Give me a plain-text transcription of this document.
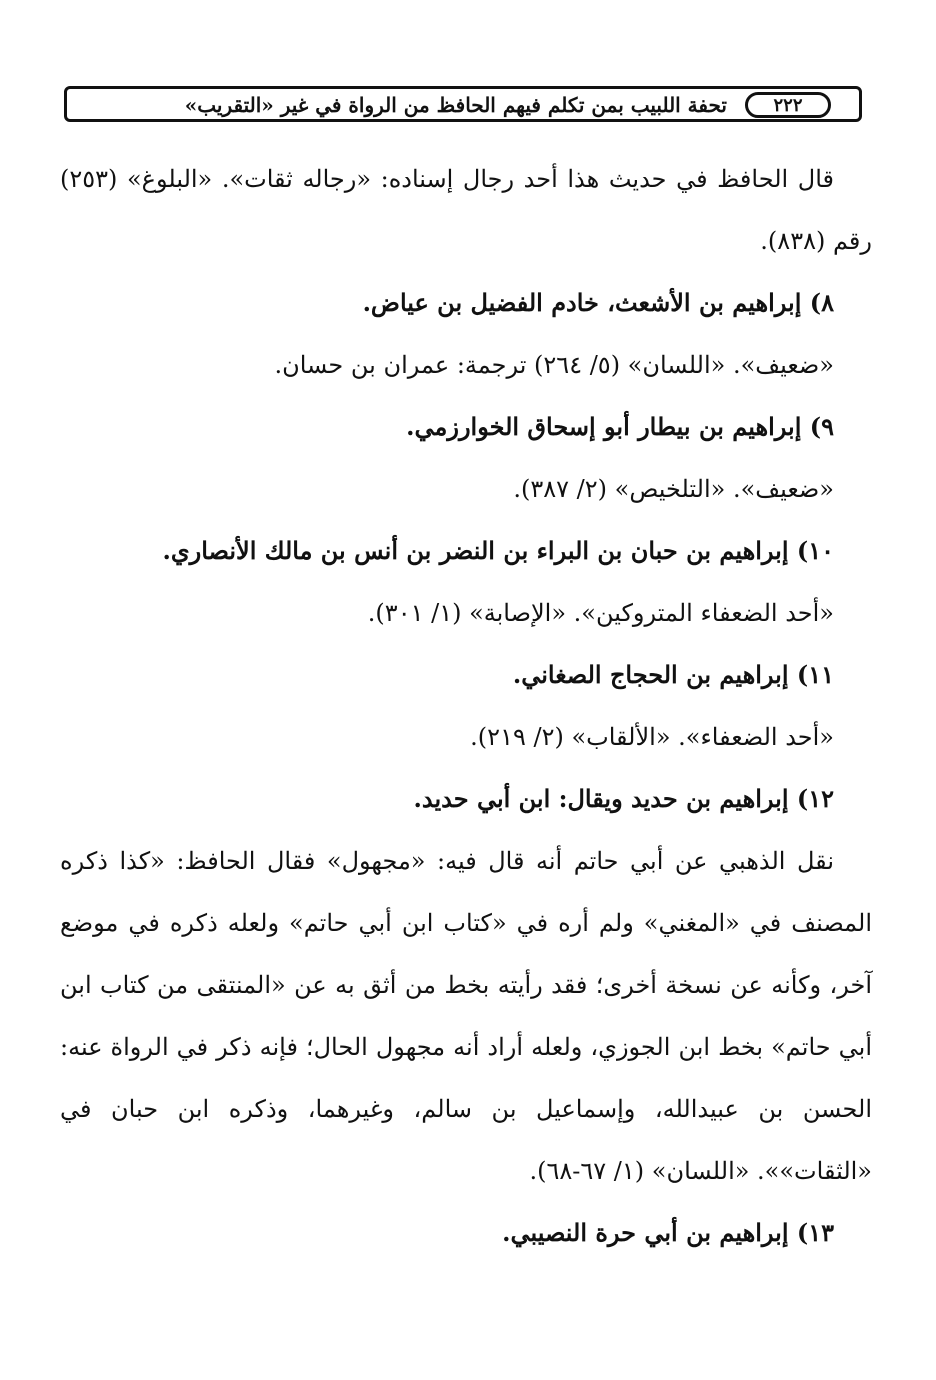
تحفة اللبيب بمن تكلم فيهم الحافظ من الرواة في غير «التقريب»	٢٢٢

قال الحافظ في حديث هذا أحد رجال إسناده: «رجاله ثقات». «البلوغ» (٢٥٣) رقم (٨٣٨).

٨) إبراهيم بن الأشعث، خادم الفضيل بن عياض.

«ضعيف». «اللسان» (٥/ ٢٦٤) ترجمة: عمران بن حسان.

٩) إبراهيم بن بيطار أبو إسحاق الخوارزمي.

«ضعيف». «التلخيص» (٢/ ٣٨٧).

١٠) إبراهيم بن حبان بن البراء بن النضر بن أنس بن مالك الأنصاري.

«أحد الضعفاء المتروكين». «الإصابة» (١/ ٣٠١).

١١) إبراهيم بن الحجاج الصغاني.

«أحد الضعفاء». «الألقاب» (٢/ ٢١٩).

١٢) إبراهيم بن حديد ويقال: ابن أبي حديد.

نقل الذهبي عن أبي حاتم أنه قال فيه: «مجهول» فقال الحافظ: «كذا ذكره المصنف في «المغني» ولم أره في «كتاب ابن أبي حاتم» ولعله ذكره في موضع آخر، وكأنه عن نسخة أخرى؛ فقد رأيته بخط من أثق به عن «المنتقى من كتاب ابن أبي حاتم» بخط ابن الجوزي، ولعله أراد أنه مجهول الحال؛ فإنه ذكر في الرواة عنه: الحسن بن عبيدالله، وإسماعيل بن سالم، وغيرهما، وذكره ابن حبان في «الثقات»». «اللسان» (١/ ٦٧-٦٨).

١٣) إبراهيم بن أبي حرة النصيبي.
